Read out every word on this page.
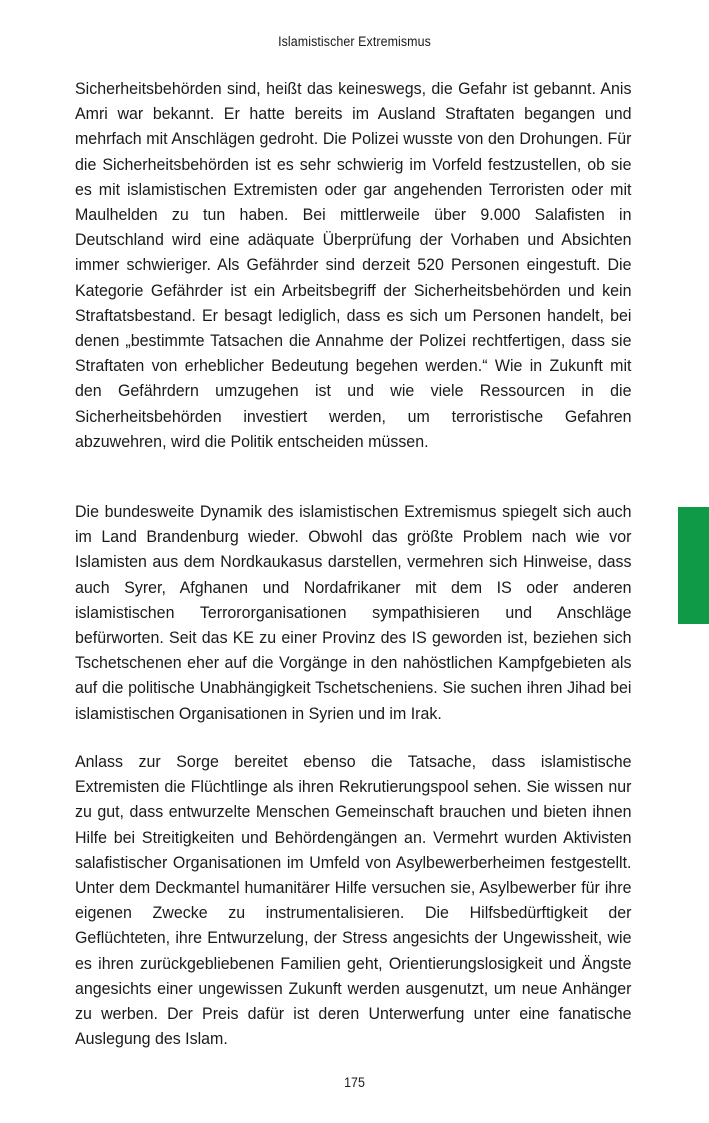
Islamistischer Extremismus

Sicherheitsbehörden sind, heißt das keineswegs, die Gefahr ist gebannt. Anis Amri war bekannt. Er hatte bereits im Ausland Straftaten begangen und mehrfach mit Anschlägen gedroht. Die Polizei wusste von den Drohungen. Für die Sicherheitsbehörden ist es sehr schwierig im Vorfeld festzustellen, ob sie es mit islamistischen Extremisten oder gar angehenden Terroristen oder mit Maulhelden zu tun haben. Bei mittlerweile über 9.000 Salafisten in Deutschland wird eine adäquate Überprüfung der Vorhaben und Absichten immer schwieriger. Als Gefährder sind derzeit 520 Personen eingestuft. Die Kategorie Gefährder ist ein Arbeitsbegriff der Sicherheitsbehörden und kein Straftatsbestand. Er besagt lediglich, dass es sich um Personen handelt, bei denen „bestimmte Tatsachen die Annahme der Polizei rechtfertigen, dass sie Straftaten von erheblicher Bedeutung begehen werden.“ Wie in Zukunft mit den Gefährdern umzugehen ist und wie viele Ressourcen in die Sicherheitsbehörden investiert werden, um terroristische Gefahren abzuwehren, wird die Politik entscheiden müssen.

Die bundesweite Dynamik des islamistischen Extremismus spiegelt sich auch im Land Brandenburg wieder. Obwohl das größte Problem nach wie vor Islamisten aus dem Nordkaukasus darstellen, vermehren sich Hinweise, dass auch Syrer, Afghanen und Nordafrikaner mit dem IS oder anderen islamistischen Terrororganisationen sympathisieren und Anschläge befürworten. Seit das KE zu einer Provinz des IS geworden ist, beziehen sich Tschetschenen eher auf die Vorgänge in den nahöstlichen Kampfgebieten als auf die politische Unabhängigkeit Tschetscheniens. Sie suchen ihren Jihad bei islamistischen Organisationen in Syrien und im Irak.

Anlass zur Sorge bereitet ebenso die Tatsache, dass islamistische Extremisten die Flüchtlinge als ihren Rekrutierungspool sehen. Sie wissen nur zu gut, dass entwurzelte Menschen Gemeinschaft brauchen und bieten ihnen Hilfe bei Streitigkeiten und Behördengängen an. Vermehrt wurden Aktivisten salafistischer Organisationen im Umfeld von Asylbewerberheimen festgestellt. Unter dem Deckmantel humanitärer Hilfe versuchen sie, Asylbewerber für ihre eigenen Zwecke zu instrumentalisieren. Die Hilfsbedürftigkeit der Geflüchteten, ihre Entwurzelung, der Stress angesichts der Ungewissheit, wie es ihren zurückgebliebenen Familien geht, Orientierungslosigkeit und Ängste angesichts einer ungewissen Zukunft werden ausgenutzt, um neue Anhänger zu werben. Der Preis dafür ist deren Unterwerfung unter eine fanatische Auslegung des Islam.

175
